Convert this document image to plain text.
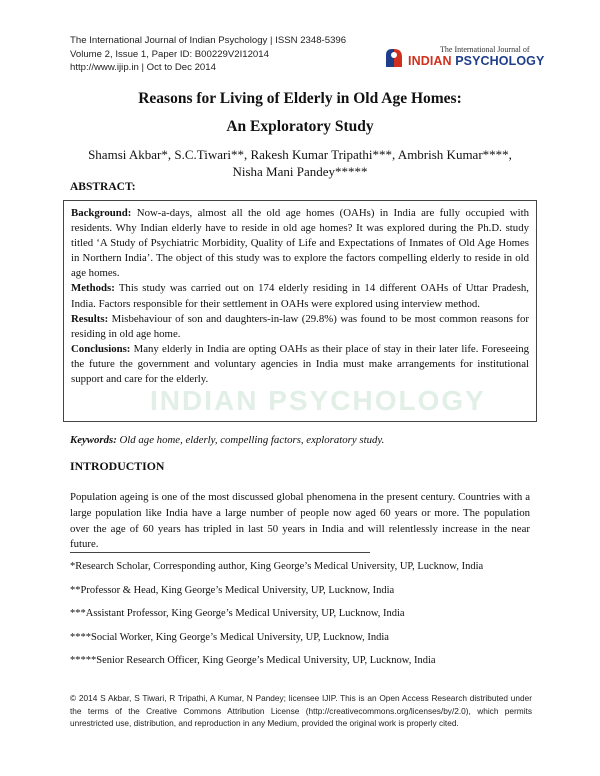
The International Journal of Indian Psychology | ISSN 2348-5396
Volume 2, Issue 1, Paper ID: B00229V2I12014
http://www.ijip.in | Oct to Dec 2014
The International Journal of
INDIAN PSYCHOLOGY
Reasons for Living of Elderly in Old Age Homes:
An Exploratory Study
Shamsi Akbar*, S.C.Tiwari**, Rakesh Kumar Tripathi***, Ambrish Kumar****,
Nisha Mani Pandey*****
ABSTRACT:

Background: Now-a-days, almost all the old age homes (OAHs) in India are fully occupied with residents. Why Indian elderly have to reside in old age homes? It was explored during the Ph.D. study titled ‘A Study of Psychiatric Morbidity, Quality of Life and Expectations of Inmates of Old Age Homes in Northern India’. The object of this study was to explore the factors compelling elderly to reside in old age homes.

Methods: This study was carried out on 174 elderly residing in 14 different OAHs of Uttar Pradesh, India. Factors responsible for their settlement in OAHs were explored using interview method.

Results: Misbehaviour of son and daughters-in-law (29.8%) was found to be most common reasons for residing in old age home.

Conclusions: Many elderly in India are opting OAHs as their place of stay in their later life. Foreseeing the future the government and voluntary agencies in India must make arrangements for institutional support and care for the elderly.

INDIAN PSYCHOLOGY
Keywords: Old age home, elderly, compelling factors, exploratory study.
INTRODUCTION
Population ageing is one of the most discussed global phenomena in the present century. Countries with a large population like India have a large number of people now aged 60 years or more. The population over the age of 60 years has tripled in last 50 years in India and will relentlessly increase in the near future.
*Research Scholar, Corresponding author, King George’s Medical University, UP, Lucknow, India
**Professor & Head, King George’s Medical University, UP, Lucknow, India
***Assistant Professor, King George’s Medical University, UP, Lucknow, India
****Social Worker, King George’s Medical University, UP, Lucknow, India
*****Senior Research Officer, King George’s Medical University, UP, Lucknow, India
© 2014 S Akbar, S Tiwari, R Tripathi, A Kumar, N Pandey; licensee IJIP. This is an Open Access Research distributed under the terms of the Creative Commons Attribution License (http://creativecommons.org/licenses/by/2.0), which permits unrestricted use, distribution, and reproduction in any Medium, provided the original work is properly cited.
